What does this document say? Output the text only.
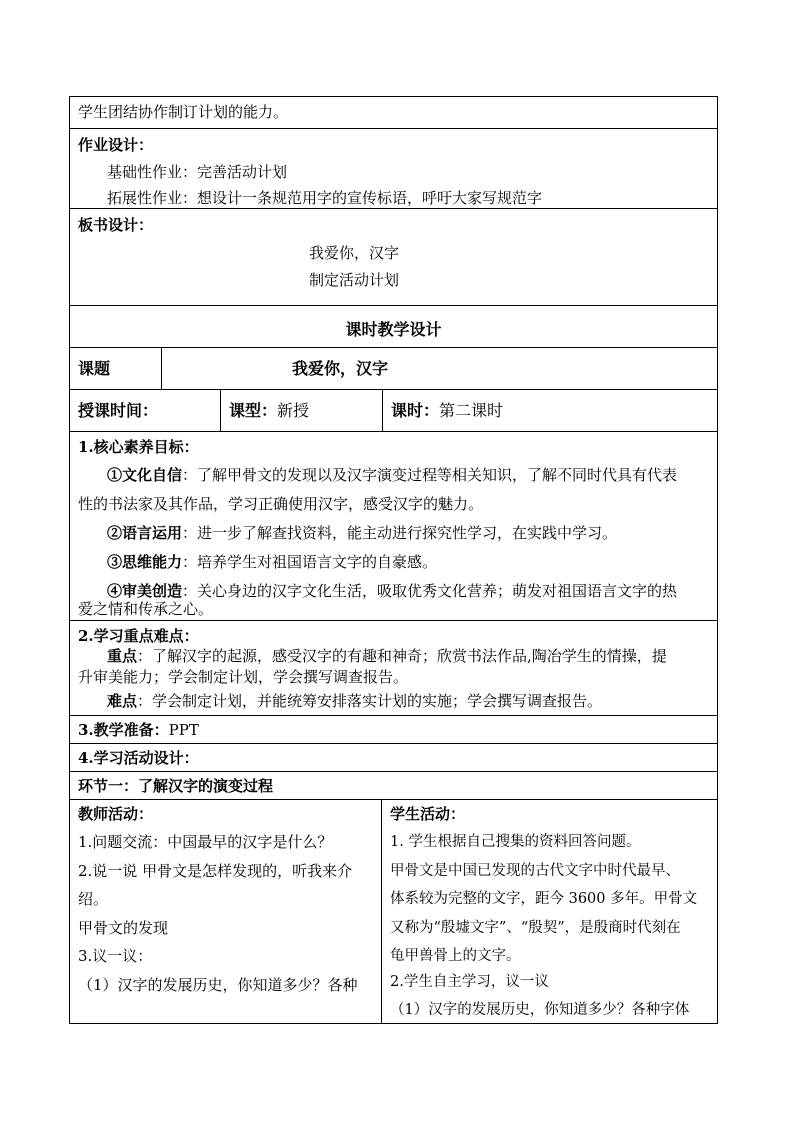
学生团结协作制订计划的能力。
作业设计：
基础性作业：完善活动计划
拓展性作业：想设计一条规范用字的宣传标语，呼吁大家写规范字
板书设计：
我爱你，汉字
制定活动计划
课时教学设计
课题	我爱你，汉字
授课时间：	课型：新授	课时：第二课时
1.核心素养目标：
①文化自信：了解甲骨文的发现以及汉字演变过程等相关知识，了解不同时代具有代表
性的书法家及其作品，学习正确使用汉字，感受汉字的魅力。
②语言运用：进一步了解查找资料，能主动进行探究性学习，在实践中学习。
③思维能力：培养学生对祖国语言文字的自豪感。
④审美创造：关心身边的汉字文化生活，吸取优秀文化营养；萌发对祖国语言文字的热
爱之情和传承之心。
2.学习重点难点：
重点：了解汉字的起源，感受汉字的有趣和神奇；欣赏书法作品,陶冶学生的情操，提
升审美能力；学会制定计划，学会撰写调查报告。
难点：学会制定计划，并能统筹安排落实计划的实施；学会撰写调查报告。
3.教学准备：PPT
4.学习活动设计：
环节一：了解汉字的演变过程
教师活动：
1.问题交流：中国最早的汉字是什么？
2.说一说 甲骨文是怎样发现的，听我来介
绍。
甲骨文的发现
3.议一议：
（1）汉字的发展历史，你知道多少？各种
学生活动：
1. 学生根据自己搜集的资料回答问题。
甲骨文是中国已发现的古代文字中时代最早、
体系较为完整的文字，距今 3600 多年。甲骨文
又称为“殷墟文字”、“殷契”，是殷商时代刻在
龟甲兽骨上的文字。
2.学生自主学习，议一议
（1）汉字的发展历史，你知道多少？各种字体
